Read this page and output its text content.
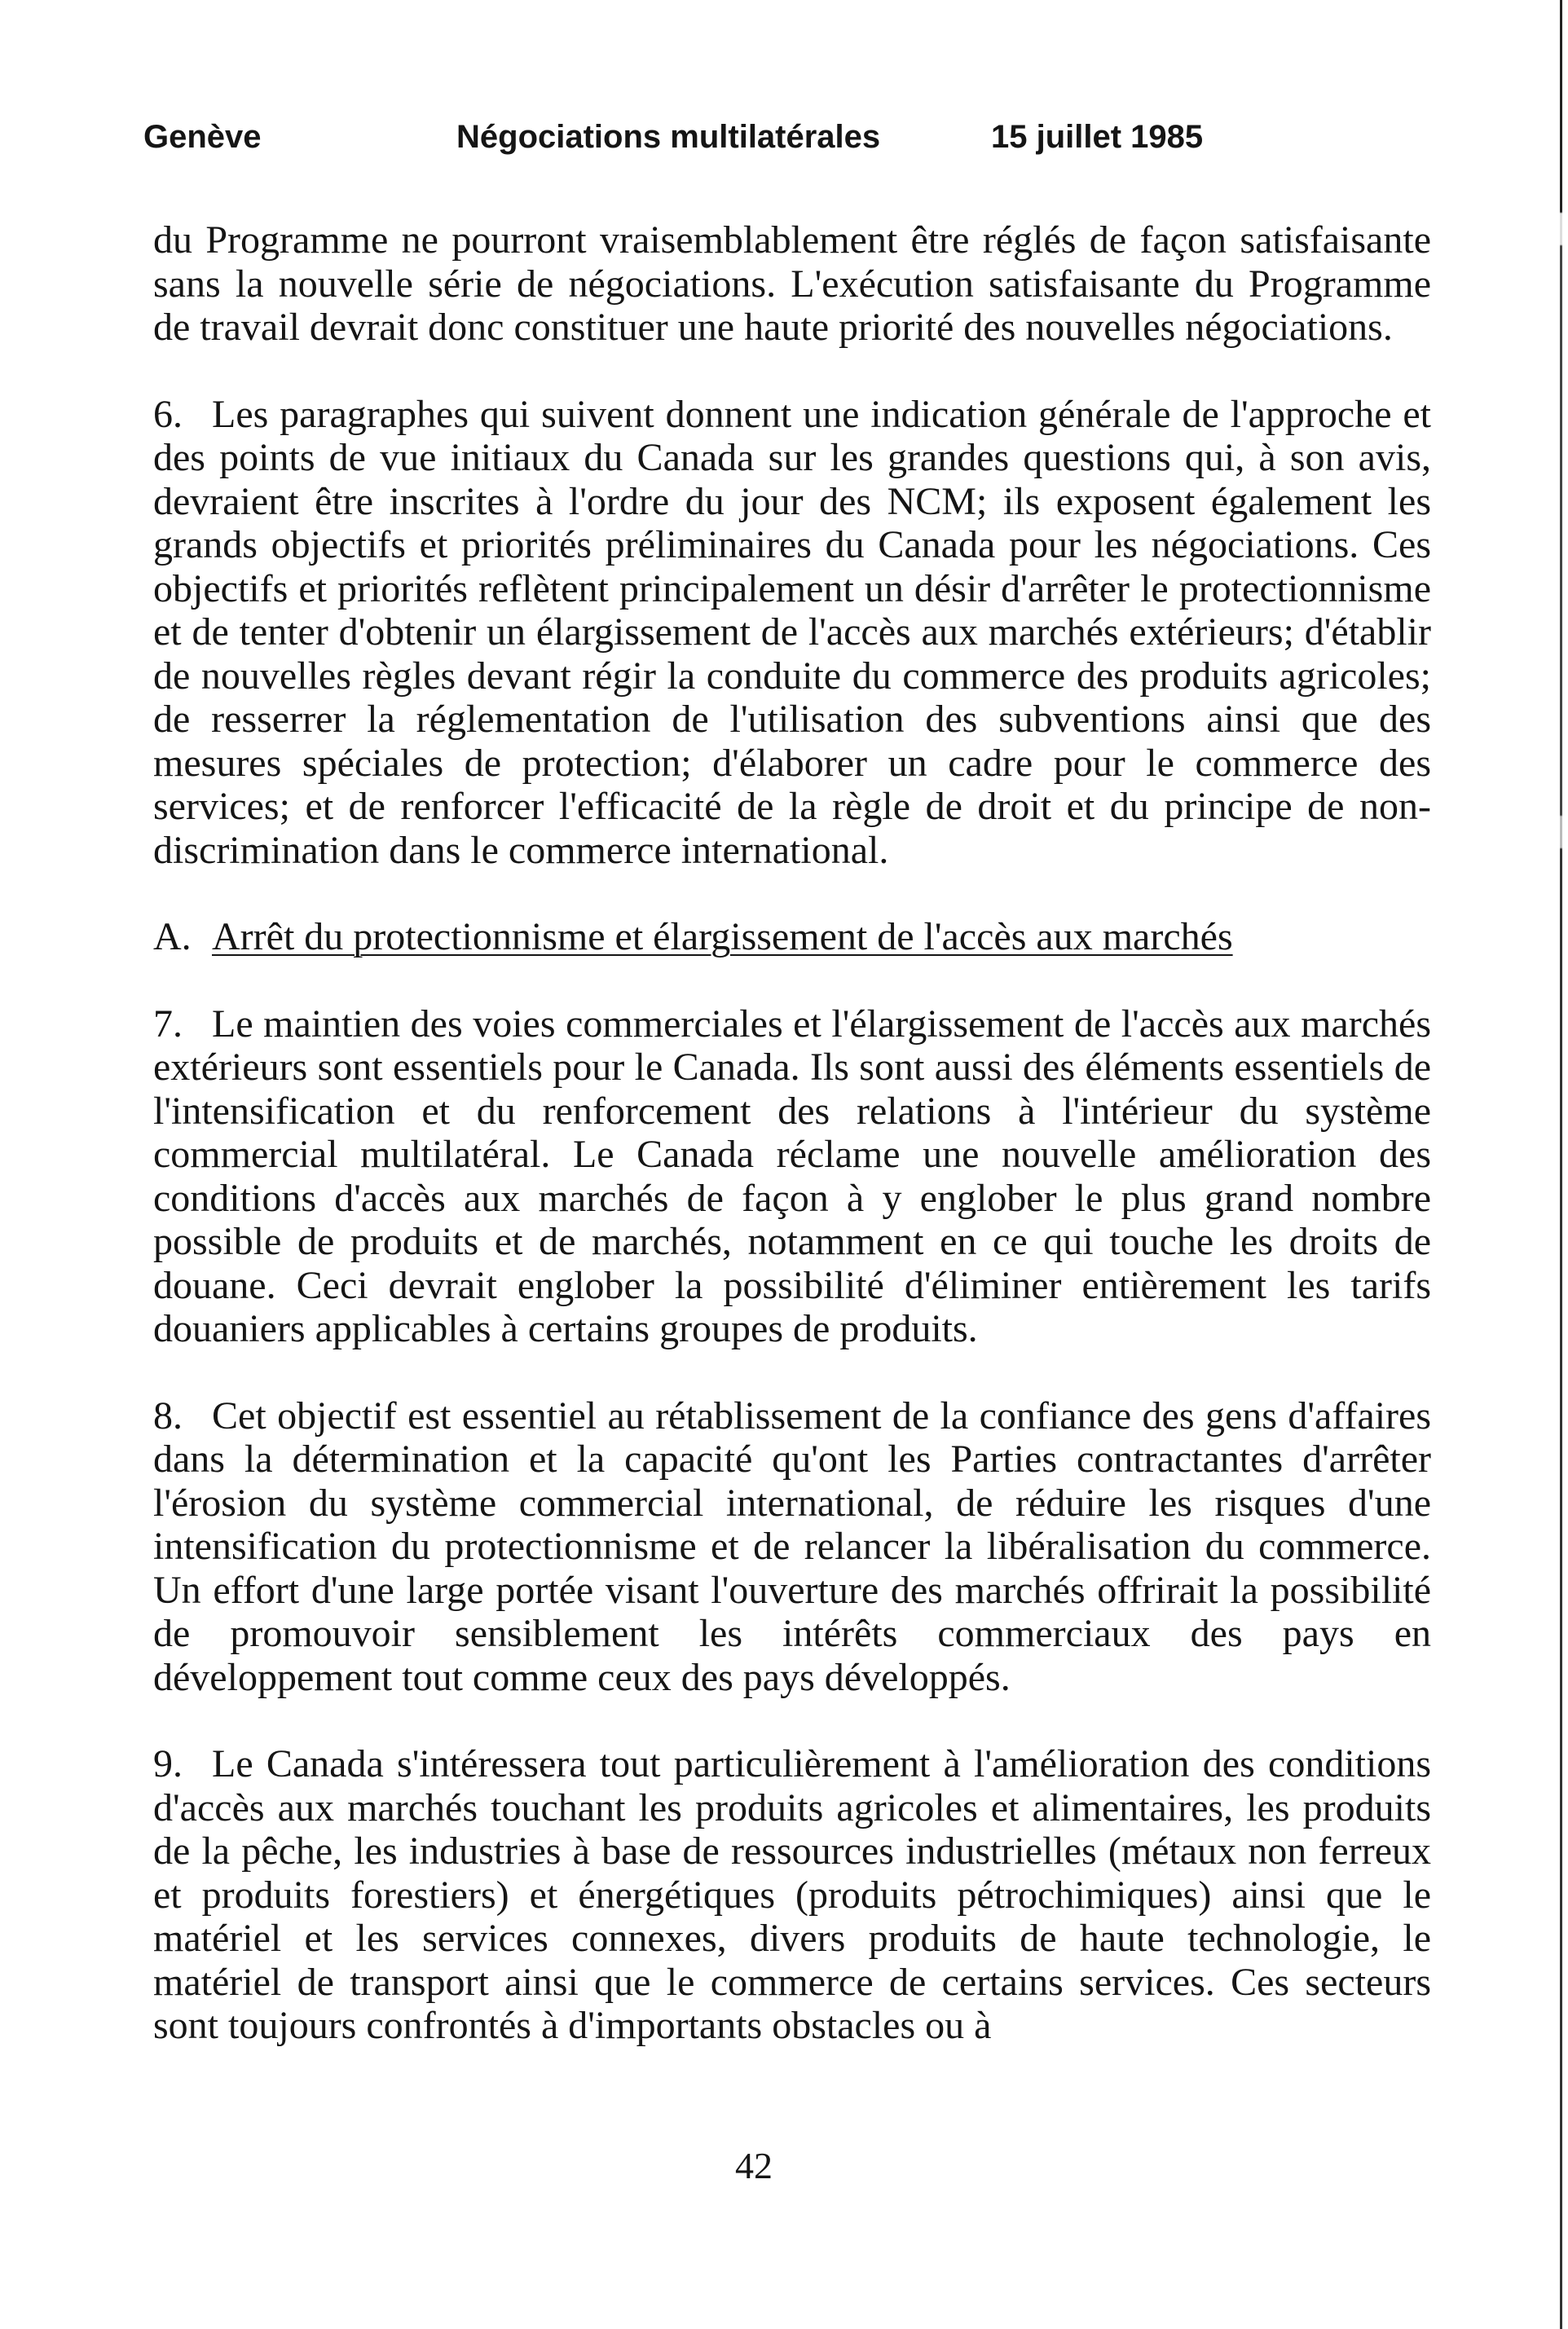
Genève	Négociations multilatérales	15 juillet 1985

du Programme ne pourront vraisemblablement être réglés de façon satisfaisante sans la nouvelle série de négociations. L'exécution satisfaisante du Programme de travail devrait donc constituer une haute priorité des nouvelles négociations.

6. Les paragraphes qui suivent donnent une indication générale de l'approche et des points de vue initiaux du Canada sur les grandes questions qui, à son avis, devraient être inscrites à l'ordre du jour des NCM; ils exposent également les grands objectifs et priorités préliminaires du Canada pour les négociations. Ces objectifs et priorités reflètent principalement un désir d'arrêter le protectionnisme et de tenter d'obtenir un élargissement de l'accès aux marchés extérieurs; d'établir de nouvelles règles devant régir la conduite du commerce des produits agricoles; de resserrer la réglementation de l'utilisation des subventions ainsi que des mesures spéciales de protection; d'élaborer un cadre pour le commerce des services; et de renforcer l'efficacité de la règle de droit et du principe de non-discrimination dans le commerce international.

A. Arrêt du protectionnisme et élargissement de l'accès aux marchés

7. Le maintien des voies commerciales et l'élargissement de l'accès aux marchés extérieurs sont essentiels pour le Canada. Ils sont aussi des éléments essentiels de l'intensification et du renforcement des relations à l'intérieur du système commercial multilatéral. Le Canada réclame une nouvelle amélioration des conditions d'accès aux marchés de façon à y englober le plus grand nombre possible de produits et de marchés, notamment en ce qui touche les droits de douane. Ceci devrait englober la possibilité d'éliminer entièrement les tarifs douaniers applicables à certains groupes de produits.

8. Cet objectif est essentiel au rétablissement de la confiance des gens d'affaires dans la détermination et la capacité qu'ont les Parties contractantes d'arrêter l'érosion du système commercial international, de réduire les risques d'une intensification du protectionnisme et de relancer la libéralisation du commerce. Un effort d'une large portée visant l'ouverture des marchés offrirait la possibilité de promouvoir sensiblement les intérêts commerciaux des pays en développement tout comme ceux des pays développés.

9. Le Canada s'intéressera tout particulièrement à l'amélioration des conditions d'accès aux marchés touchant les produits agricoles et alimentaires, les produits de la pêche, les industries à base de ressources industrielles (métaux non ferreux et produits forestiers) et énergétiques (produits pétrochimiques) ainsi que le matériel et les services connexes, divers produits de haute technologie, le matériel de transport ainsi que le commerce de certains services. Ces secteurs sont toujours confrontés à d'importants obstacles ou à

42
